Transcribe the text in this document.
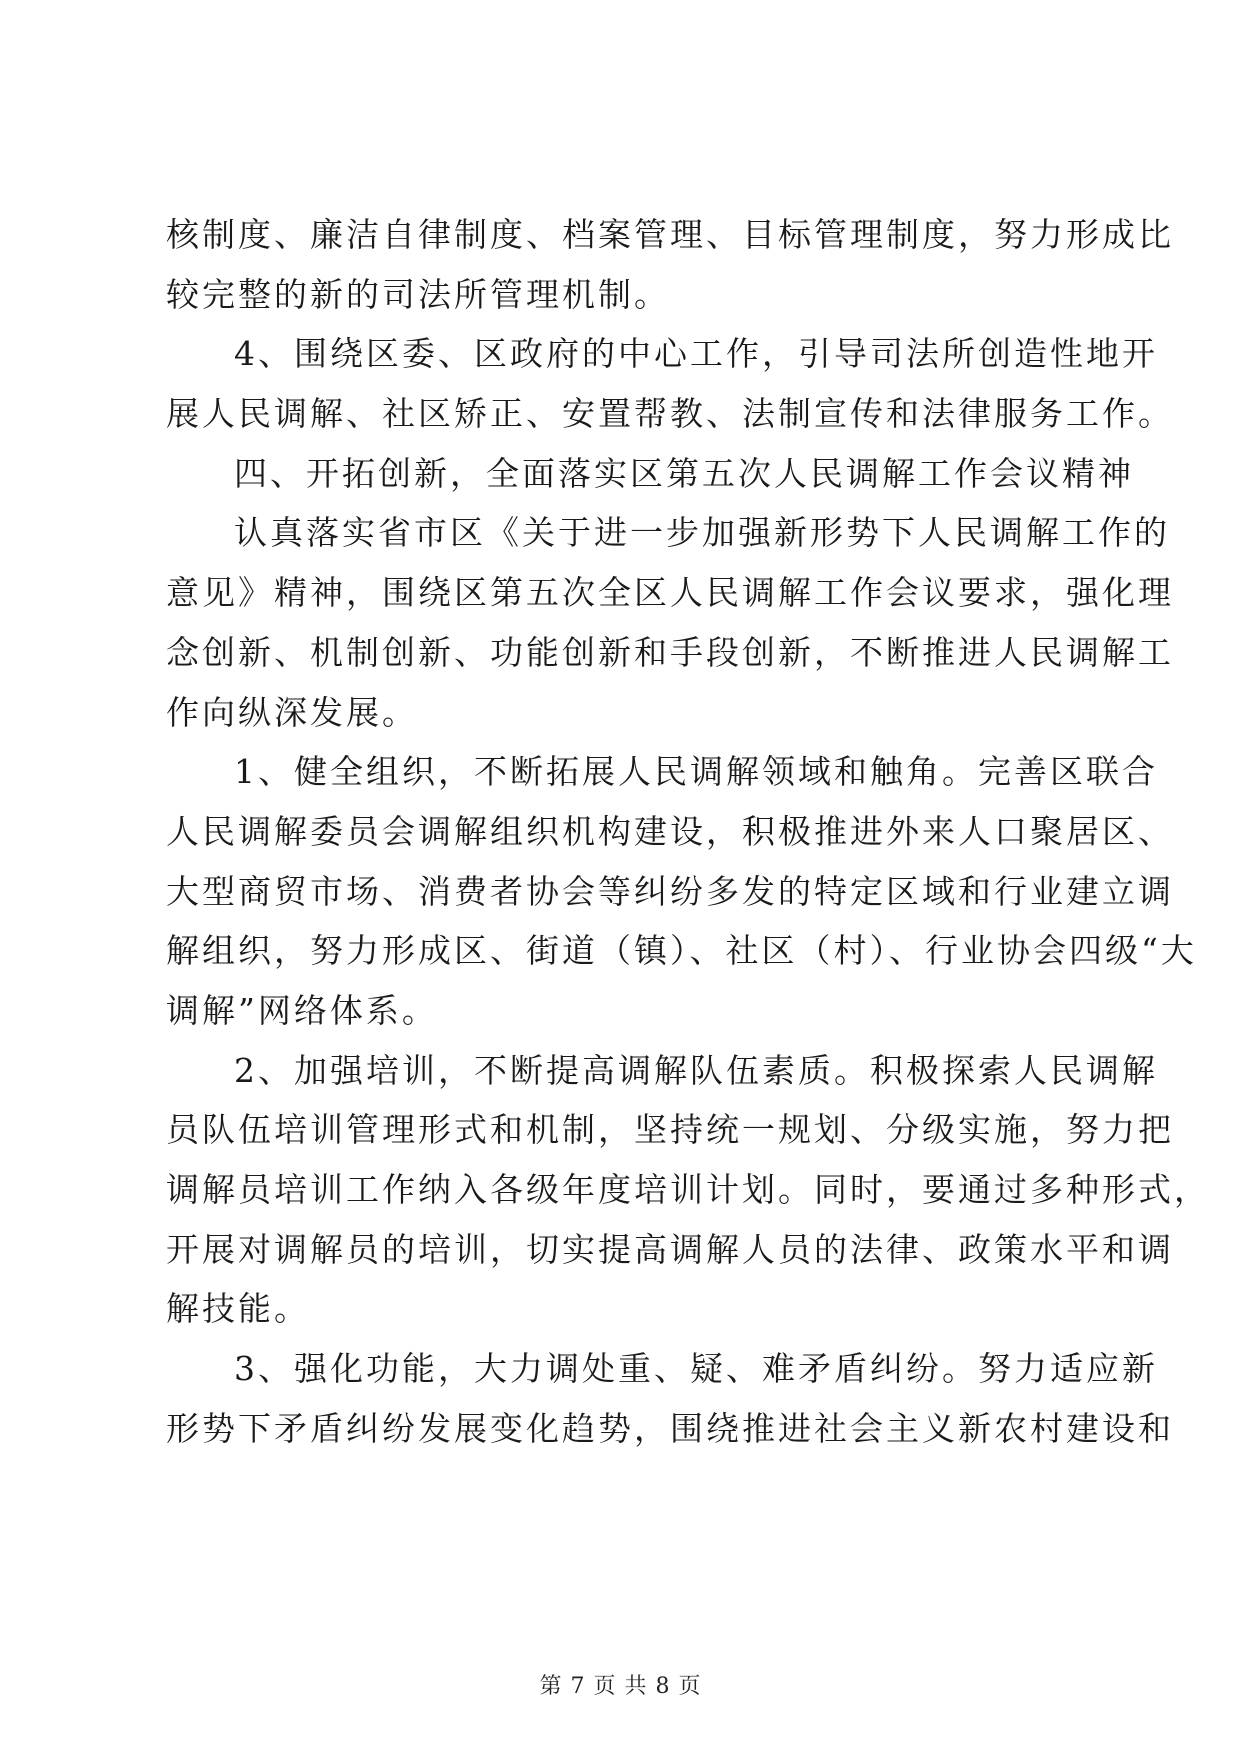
核制度、廉洁自律制度、档案管理、目标管理制度，努力形成比
较完整的新的司法所管理机制。
4、围绕区委、区政府的中心工作，引导司法所创造性地开
展人民调解、社区矫正、安置帮教、法制宣传和法律服务工作。
四、开拓创新，全面落实区第五次人民调解工作会议精神
认真落实省市区《关于进一步加强新形势下人民调解工作的
意见》精神，围绕区第五次全区人民调解工作会议要求，强化理
念创新、机制创新、功能创新和手段创新，不断推进人民调解工
作向纵深发展。
1、健全组织，不断拓展人民调解领域和触角。完善区联合
人民调解委员会调解组织机构建设，积极推进外来人口聚居区、
大型商贸市场、消费者协会等纠纷多发的特定区域和行业建立调
解组织，努力形成区、街道（镇）、社区（村）、行业协会四级“大
调解”网络体系。
2、加强培训，不断提高调解队伍素质。积极探索人民调解
员队伍培训管理形式和机制，坚持统一规划、分级实施，努力把
调解员培训工作纳入各级年度培训计划。同时，要通过多种形式，
开展对调解员的培训，切实提高调解人员的法律、政策水平和调
解技能。
3、强化功能，大力调处重、疑、难矛盾纠纷。努力适应新
形势下矛盾纠纷发展变化趋势，围绕推进社会主义新农村建设和
第 7 页 共 8 页
